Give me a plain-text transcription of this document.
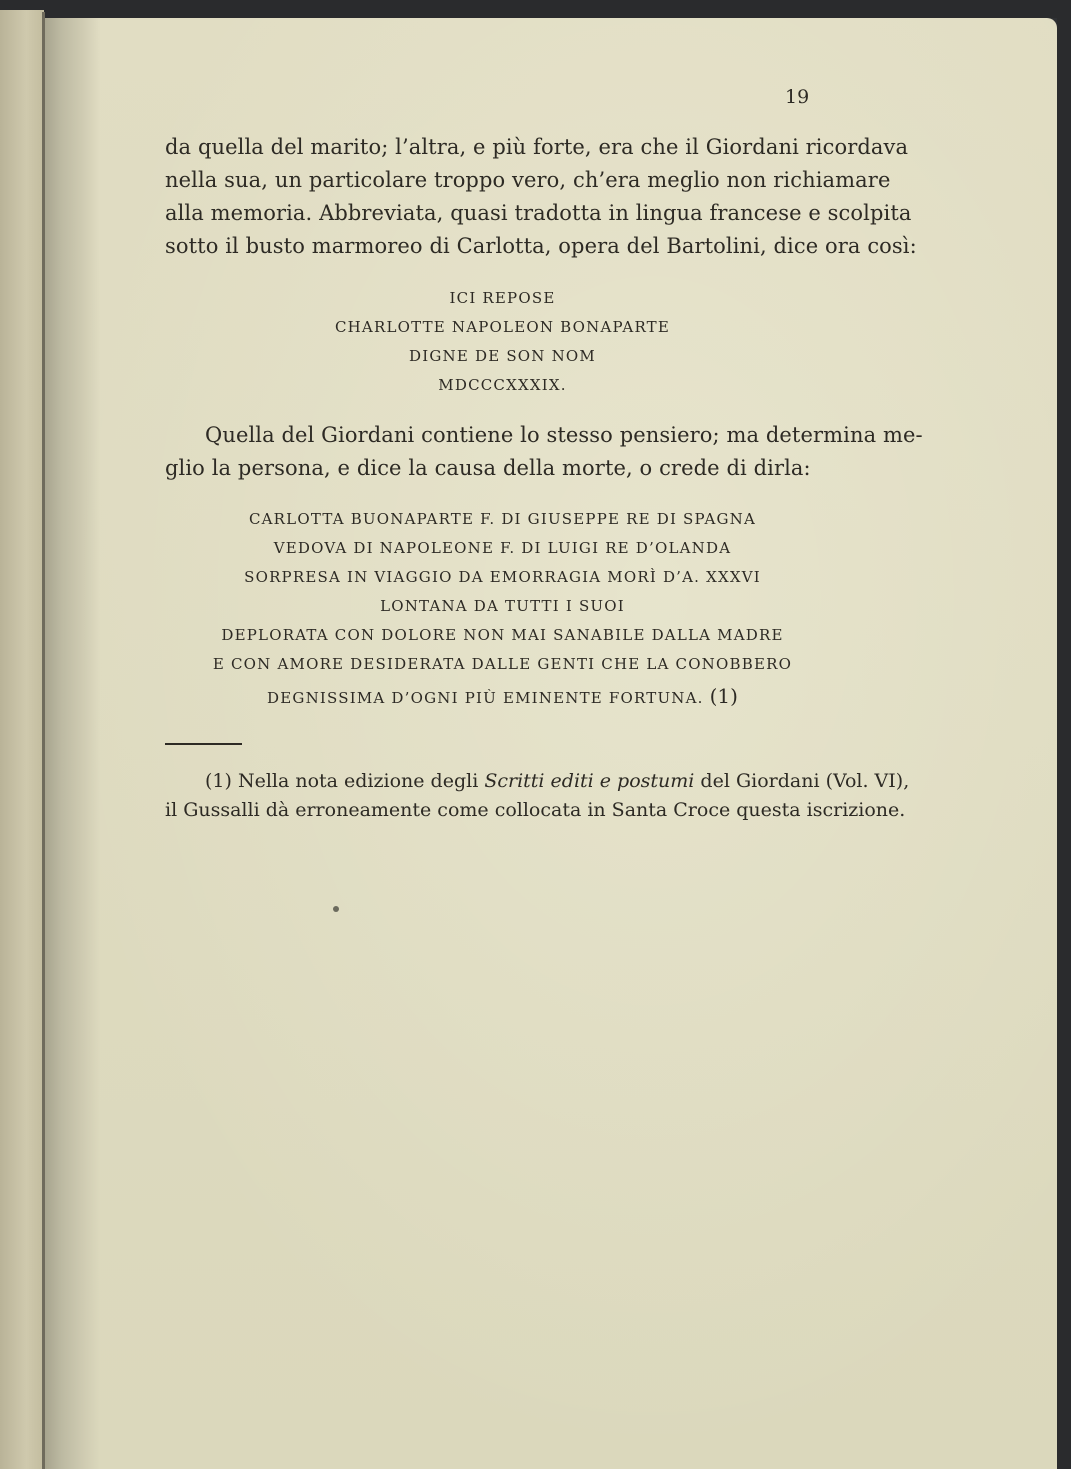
19
da quella del marito; l’altra, e più forte, era che il Giordani ricordava
nella sua, un particolare troppo vero, ch’era meglio non richiamare
alla memoria. Abbreviata, quasi tradotta in lingua francese e scolpita
sotto il busto marmoreo di Carlotta, opera del Bartolini, dice ora così:
ICI REPOSE
CHARLOTTE NAPOLEON BONAPARTE
DIGNE DE SON NOM
MDCCCXXXIX.
Quella del Giordani contiene lo stesso pensiero; ma determina me-
glio la persona, e dice la causa della morte, o crede di dirla:
CARLOTTA BUONAPARTE F. DI GIUSEPPE RE DI SPAGNA
VEDOVA DI NAPOLEONE F. DI LUIGI RE D’OLANDA
SORPRESA IN VIAGGIO DA EMORRAGIA MORÌ D’A. XXXVI
LONTANA DA TUTTI I SUOI
DEPLORATA CON DOLORE NON MAI SANABILE DALLA MADRE
E CON AMORE DESIDERATA DALLE GENTI CHE LA CONOBBERO
DEGNISSIMA D’OGNI PIÙ EMINENTE FORTUNA. (1)
(1) Nella nota edizione degli Scritti editi e postumi del Giordani (Vol. VI),
il Gussalli dà erroneamente come collocata in Santa Croce questa iscrizione.
